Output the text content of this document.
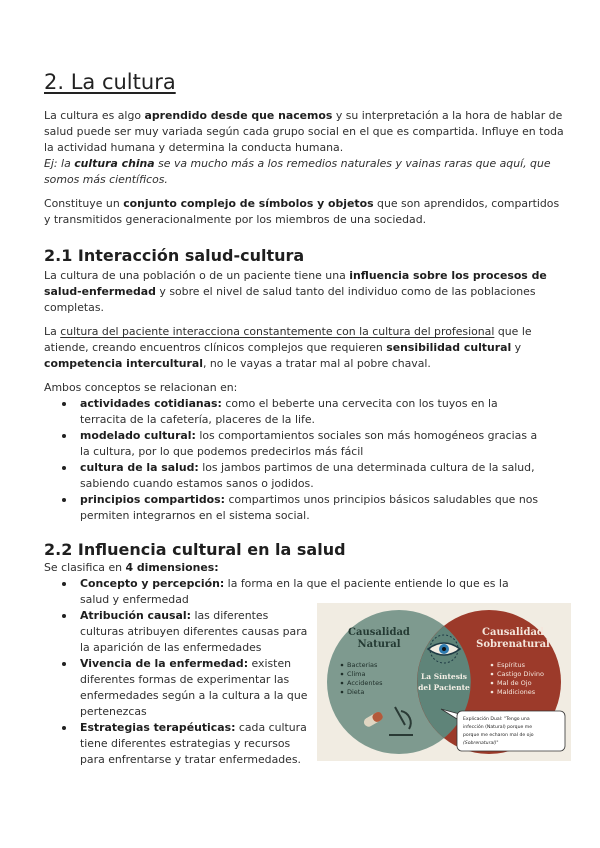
2. La cultura

La cultura es algo aprendido desde que nacemos y su interpretación a la hora de hablar de salud puede ser muy variada según cada grupo social en el que es compartida. Influye en toda la actividad humana y determina la conducta humana.

Ej: la cultura china se va mucho más a los remedios naturales y vainas raras que aquí, que somos más científicos.

Constituye un conjunto complejo de símbolos y objetos que son aprendidos, compartidos y transmitidos generacionalmente por los miembros de una sociedad.

2.1 Interacción salud-cultura

La cultura de una población o de un paciente tiene una influencia sobre los procesos de salud-enfermedad y sobre el nivel de salud tanto del individuo como de las poblaciones completas.

La cultura del paciente interacciona constantemente con la cultura del profesional que le atiende, creando encuentros clínicos complejos que requieren sensibilidad cultural y competencia intercultural, no le vayas a tratar mal al pobre chaval.

Ambos conceptos se relacionan en:

actividades cotidianas: como el beberte una cervecita con los tuyos en la terracita de la cafetería, placeres de la life.
modelado cultural: los comportamientos sociales son más homogéneos gracias a la cultura, por lo que podemos predecirlos más fácil
cultura de la salud: los jambos partimos de una determinada cultura de la salud, sabiendo cuando estamos sanos o jodidos.
principios compartidos: compartimos unos principios básicos saludables que nos permiten integrarnos en el sistema social.
2.2 Influencia cultural en la salud

Se clasifica en 4 dimensiones:

Concepto y percepción: la forma en la que el paciente entiende lo que es la salud y enfermedad
Atribución causal: las diferentes culturas atribuyen diferentes causas para la aparición de las enfermedades
Vivencia de la enfermedad: existen diferentes formas de experimentar las enfermedades según a la cultura a la que pertenezcas
Estrategias terapéuticas: cada cultura tiene diferentes estrategias y recursos para enfrentarse y tratar enfermedades.
Causalidad
Natural
Bacterias
Clima
Accidentes
Dieta
Causalidad
Sobrenatural
Espíritus
Castigo Divino
Mal de Ojo
Maldiciones
La Síntesis
del Paciente
Explicación Dual: "Tengo una
infección (Natural) porque me
porque me echaron mal de ojo
(Sobrenatural)"
